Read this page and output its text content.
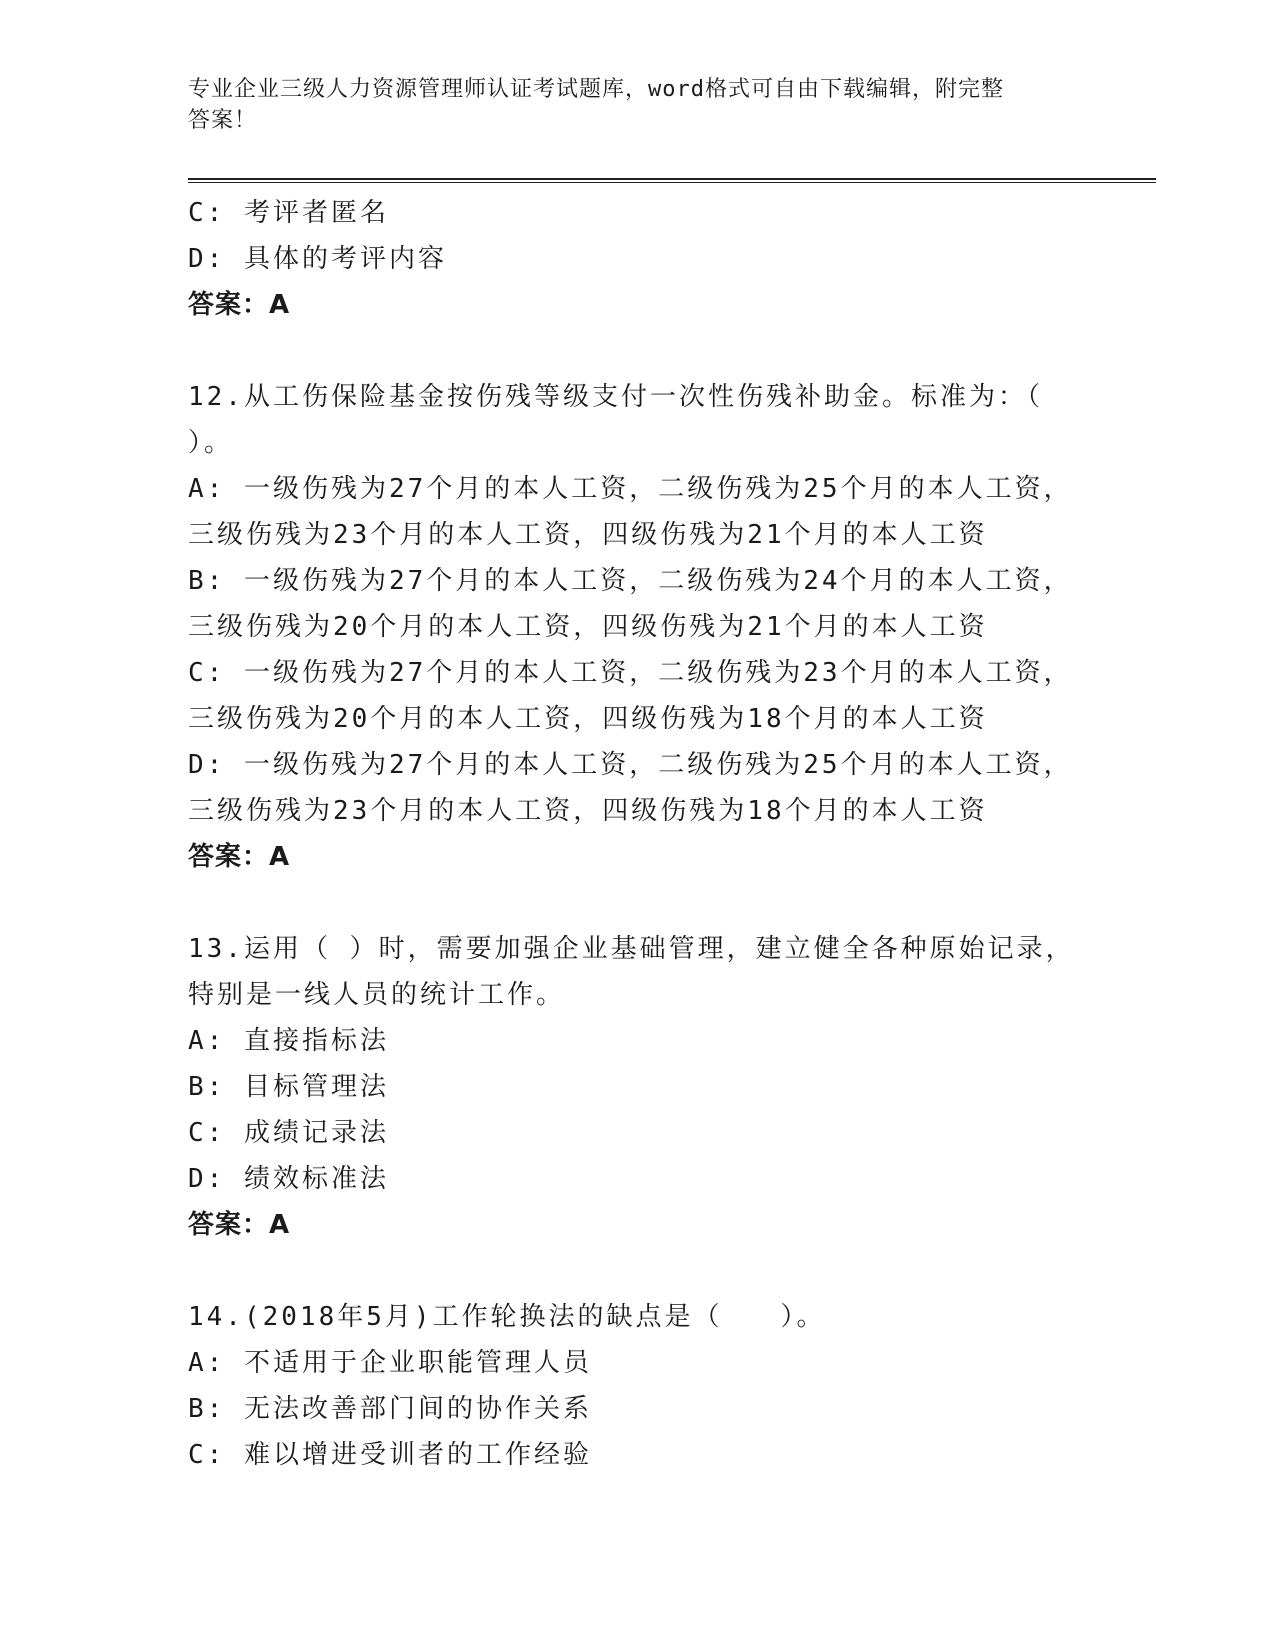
专业企业三级人力资源管理师认证考试题库，word格式可自由下载编辑，附完整
答案！
C: 考评者匿名
D: 具体的考评内容
答案：A
12.从工伤保险基金按伤残等级支付一次性伤残补助金。标准为：（
）。
A: 一级伤残为27个月的本人工资，二级伤残为25个月的本人工资，
三级伤残为23个月的本人工资，四级伤残为21个月的本人工资
B: 一级伤残为27个月的本人工资，二级伤残为24个月的本人工资，
三级伤残为20个月的本人工资，四级伤残为21个月的本人工资
C: 一级伤残为27个月的本人工资，二级伤残为23个月的本人工资，
三级伤残为20个月的本人工资，四级伤残为18个月的本人工资
D: 一级伤残为27个月的本人工资，二级伤残为25个月的本人工资，
三级伤残为23个月的本人工资，四级伤残为18个月的本人工资
答案：A
13.运用（ ）时，需要加强企业基础管理，建立健全各种原始记录，
特别是一线人员的统计工作。
A: 直接指标法
B: 目标管理法
C: 成绩记录法
D: 绩效标准法
答案：A
14.(2018年5月)工作轮换法的缺点是（　　）。
A: 不适用于企业职能管理人员
B: 无法改善部门间的协作关系
C: 难以增进受训者的工作经验
